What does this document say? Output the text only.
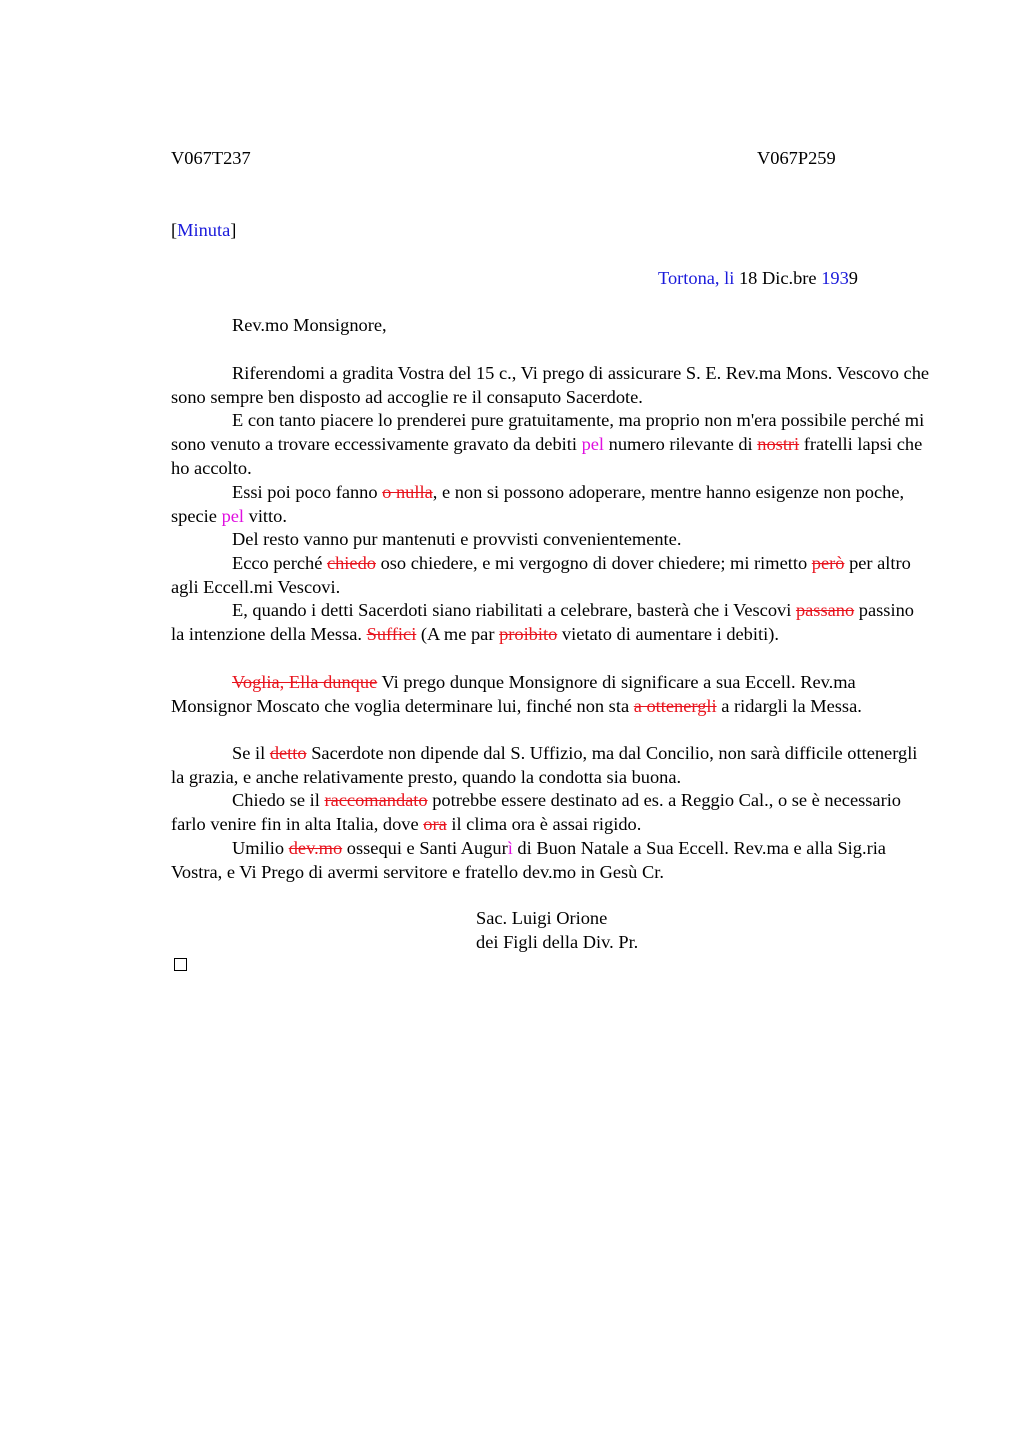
V067T237	V067P259
[Minuta]
Tortona, li 18 Dic.bre 1939
Rev.mo Monsignore,

Riferendomi a gradita Vostra del 15 c., Vi prego di assicurare S. E. Rev.ma Mons. Vescovo che sono sempre ben disposto ad accoglie re il consaputo Sacerdote.

E con tanto piacere lo prenderei pure gratuitamente, ma proprio non m'era possibile perché mi sono venuto a trovare eccessivamente gravato da debiti pel numero rilevante di nostri fratelli lapsi che ho accolto.

Essi poi poco fanno o nulla, e non si possono adoperare, mentre hanno esigenze non poche, specie pel vitto.

Del resto vanno pur mantenuti e provvisti convenientemente.

Ecco perché chiedo oso chiedere, e mi vergogno di dover chiedere; mi rimetto però per altro agli Eccell.mi Vescovi.

E, quando i detti Sacerdoti siano riabilitati a celebrare, basterà che i Vescovi passano passino la intenzione della Messa. Suffici (A me par proibito vietato di aumentare i debiti).

Voglia, Ella dunque Vi prego dunque Monsignore di significare a sua Eccell. Rev.ma Monsignor Moscato che voglia determinare lui, finché non sta a ottenergli a ridargli la Messa.

Se il detto Sacerdote non dipende dal S. Uffizio, ma dal Concilio, non sarà difficile ottenergli la grazia, e anche relativamente presto, quando la condotta sia buona.

Chiedo se il raccomandato potrebbe essere destinato ad es. a Reggio Cal., o se è necessario farlo venire fin in alta Italia, dove ora il clima ora è assai rigido.

Umilio dev.mo ossequi e Santi Augurì di Buon Natale a Sua Eccell. Rev.ma e alla Sig.ria Vostra, e Vi Prego di avermi servitore e fratello dev.mo in Gesù Cr.

Sac. Luigi Orione
dei Figli della Div. Pr.
